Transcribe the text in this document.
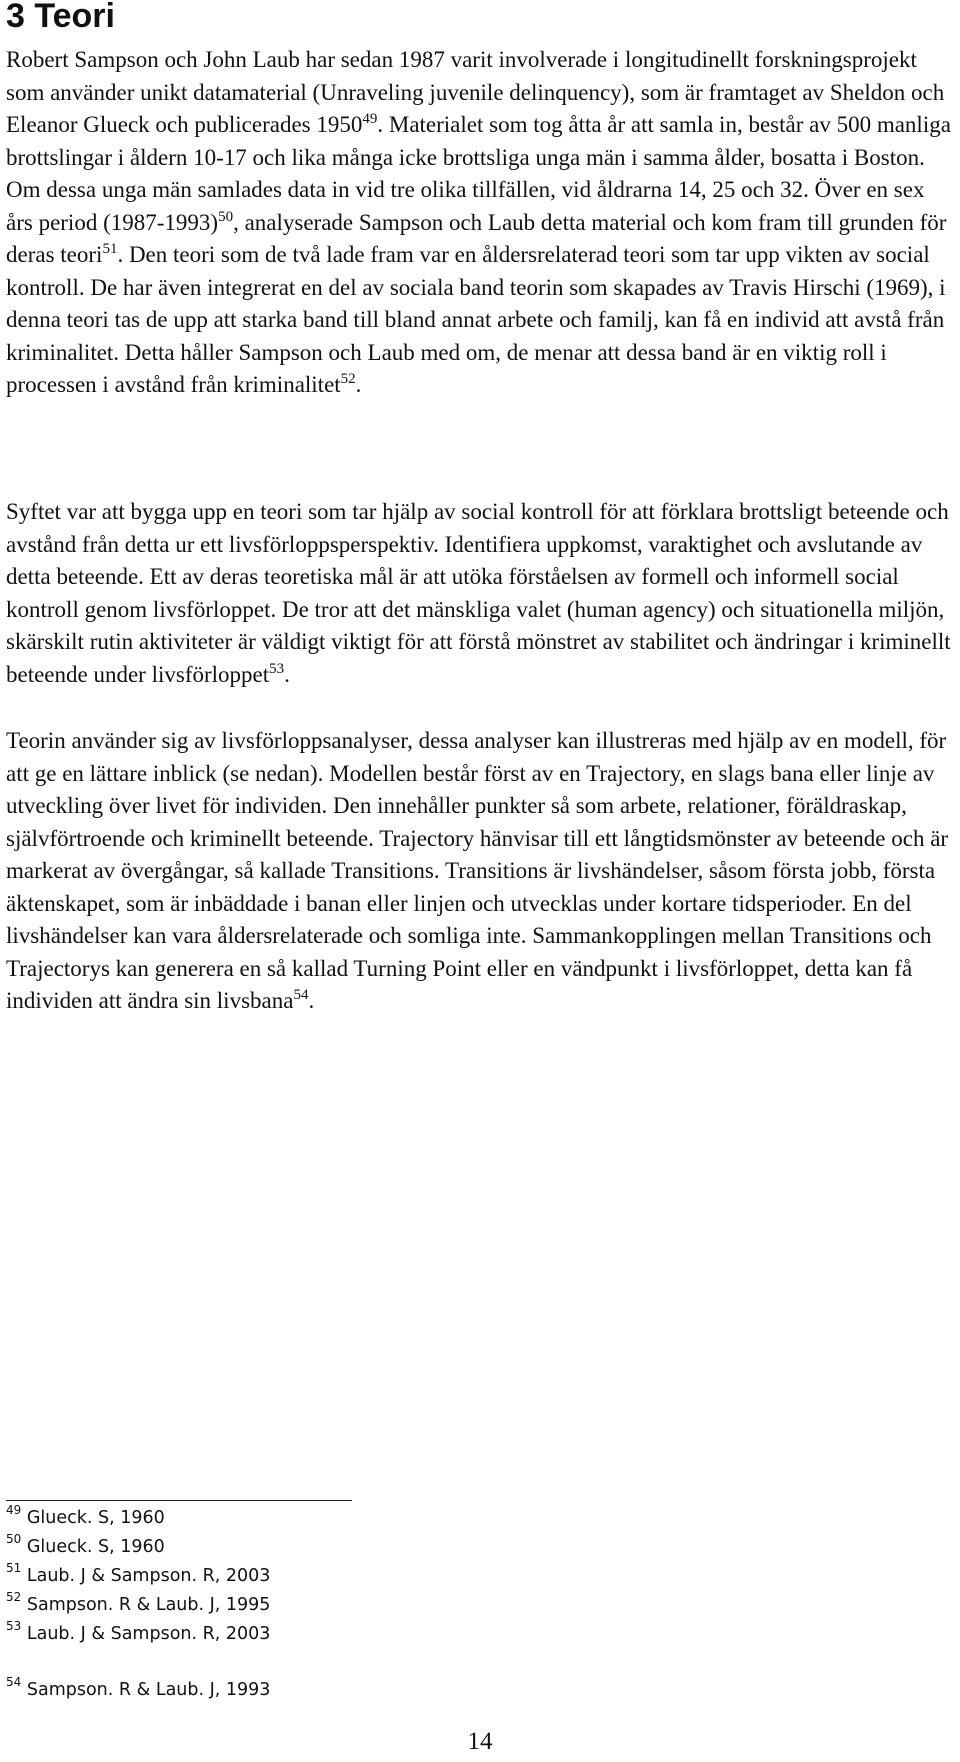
3 Teori

Robert Sampson och John Laub har sedan 1987 varit involverade i longitudinellt forskningsprojekt som använder unikt datamaterial (Unraveling juvenile delinquency), som är framtaget av Sheldon och Eleanor Glueck och publicerades 1950$^{49}$. Materialet som tog åtta år att samla in, består av 500 manliga brottslingar i åldern 10-17 och lika många icke brottsliga unga män i samma ålder, bosatta i Boston. Om dessa unga män samlades data in vid tre olika tillfällen, vid åldrarna 14, 25 och 32. Över en sex års period (1987-1993)$^{50}$, analyserade Sampson och Laub detta material och kom fram till grunden för deras teori$^{51}$. Den teori som de två lade fram var en åldersrelaterad teori som tar upp vikten av social kontroll. De har även integrerat en del av sociala band teorin som skapades av Travis Hirschi (1969), i denna teori tas de upp att starka band till bland annat arbete och familj, kan få en individ att avstå från kriminalitet. Detta håller Sampson och Laub med om, de menar att dessa band är en viktig roll i processen i avstånd från kriminalitet$^{52}$.

Syftet var att bygga upp en teori som tar hjälp av social kontroll för att förklara brottsligt beteende och avstånd från detta ur ett livsförloppsperspektiv. Identifiera uppkomst, varaktighet och avslutande av detta beteende. Ett av deras teoretiska mål är att utöka förståelsen av formell och informell social kontroll genom livsförloppet. De tror att det mänskliga valet (human agency) och situationella miljön, skärskilt rutin aktiviteter är väldigt viktigt för att förstå mönstret av stabilitet och ändringar i kriminellt beteende under livsförloppet$^{53}$.

Teorin använder sig av livsförloppsanalyser, dessa analyser kan illustreras med hjälp av en modell, för att ge en lättare inblick (se nedan). Modellen består först av en Trajectory, en slags bana eller linje av utveckling över livet för individen. Den innehåller punkter så som arbete, relationer, föräldraskap, självförtroende och kriminellt beteende. Trajectory hänvisar till ett långtidsmönster av beteende och är markerat av övergångar, så kallade Transitions. Transitions är livshändelser, såsom första jobb, första äktenskapet, som är inbäddade i banan eller linjen och utvecklas under kortare tidsperioder. En del livshändelser kan vara åldersrelaterade och somliga inte. Sammankopplingen mellan Transitions och Trajectorys kan generera en så kallad Turning Point eller en vändpunkt i livsförloppet, detta kan få individen att ändra sin livsbana$^{54}$.

$^{49}$ Glueck. S, 1960
$^{50}$ Glueck. S, 1960
$^{51}$ Laub. J & Sampson. R, 2003
$^{52}$ Sampson. R & Laub. J, 1995
$^{53}$ Laub. J & Sampson. R, 2003
$^{54}$ Sampson. R & Laub. J, 1993
14
